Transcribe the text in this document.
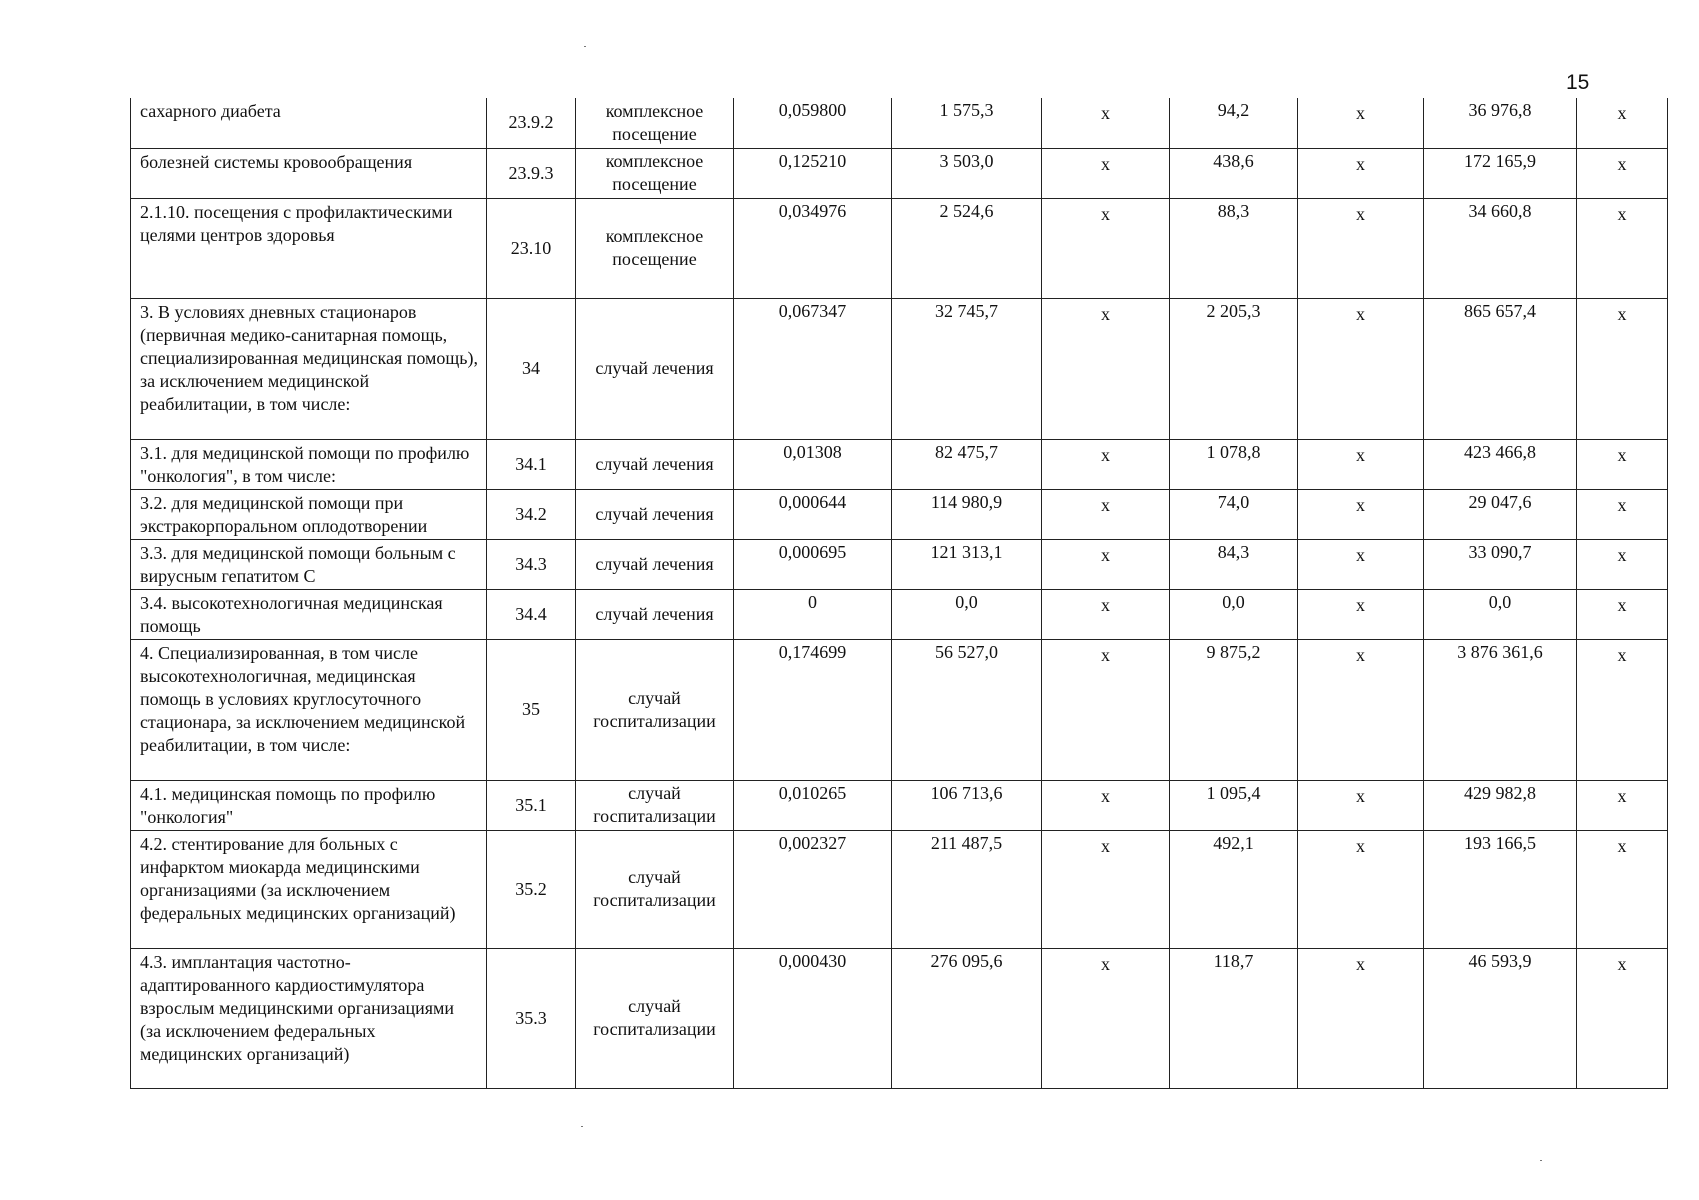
15
сахарного диабета	23.9.2	комплексное посещение	0,059800	1 575,3	х	94,2	х	36 976,8	х
болезней системы кровообращения	23.9.3	комплексное посещение	0,125210	3 503,0	х	438,6	х	172 165,9	х
2.1.10. посещения с профилактическими целями центров здоровья	23.10	комплексное посещение	0,034976	2 524,6	х	88,3	х	34 660,8	х
3. В условиях дневных стационаров (первичная медико-санитарная помощь, специализированная медицинская помощь), за исключением медицинской реабилитации, в том числе:	34	случай лечения	0,067347	32 745,7	х	2 205,3	х	865 657,4	х
3.1. для медицинской помощи по профилю "онкология", в том числе:	34.1	случай лечения	0,01308	82 475,7	х	1 078,8	х	423 466,8	х
3.2. для медицинской помощи при экстракорпоральном оплодотворении	34.2	случай лечения	0,000644	114 980,9	х	74,0	х	29 047,6	х
3.3. для медицинской помощи больным с вирусным гепатитом С	34.3	случай лечения	0,000695	121 313,1	х	84,3	х	33 090,7	х
3.4. высокотехнологичная медицинская помощь	34.4	случай лечения	0	0,0	х	0,0	х	0,0	х
4. Специализированная, в том числе высокотехнологичная, медицинская помощь в условиях круглосуточного стационара, за исключением медицинской реабилитации, в том числе:	35	случай госпитализации	0,174699	56 527,0	х	9 875,2	х	3 876 361,6	х
4.1. медицинская помощь по профилю "онкология"	35.1	случай госпитализации	0,010265	106 713,6	х	1 095,4	х	429 982,8	х
4.2. стентирование для больных с инфарктом миокарда медицинскими организациями (за исключением федеральных медицинских организаций)	35.2	случай госпитализации	0,002327	211 487,5	х	492,1	х	193 166,5	х
4.3. имплантация частотно-адаптированного кардиостимулятора взрослым медицинскими организациями (за исключением федеральных медицинских организаций)	35.3	случай госпитализации	0,000430	276 095,6	х	118,7	х	46 593,9	х
